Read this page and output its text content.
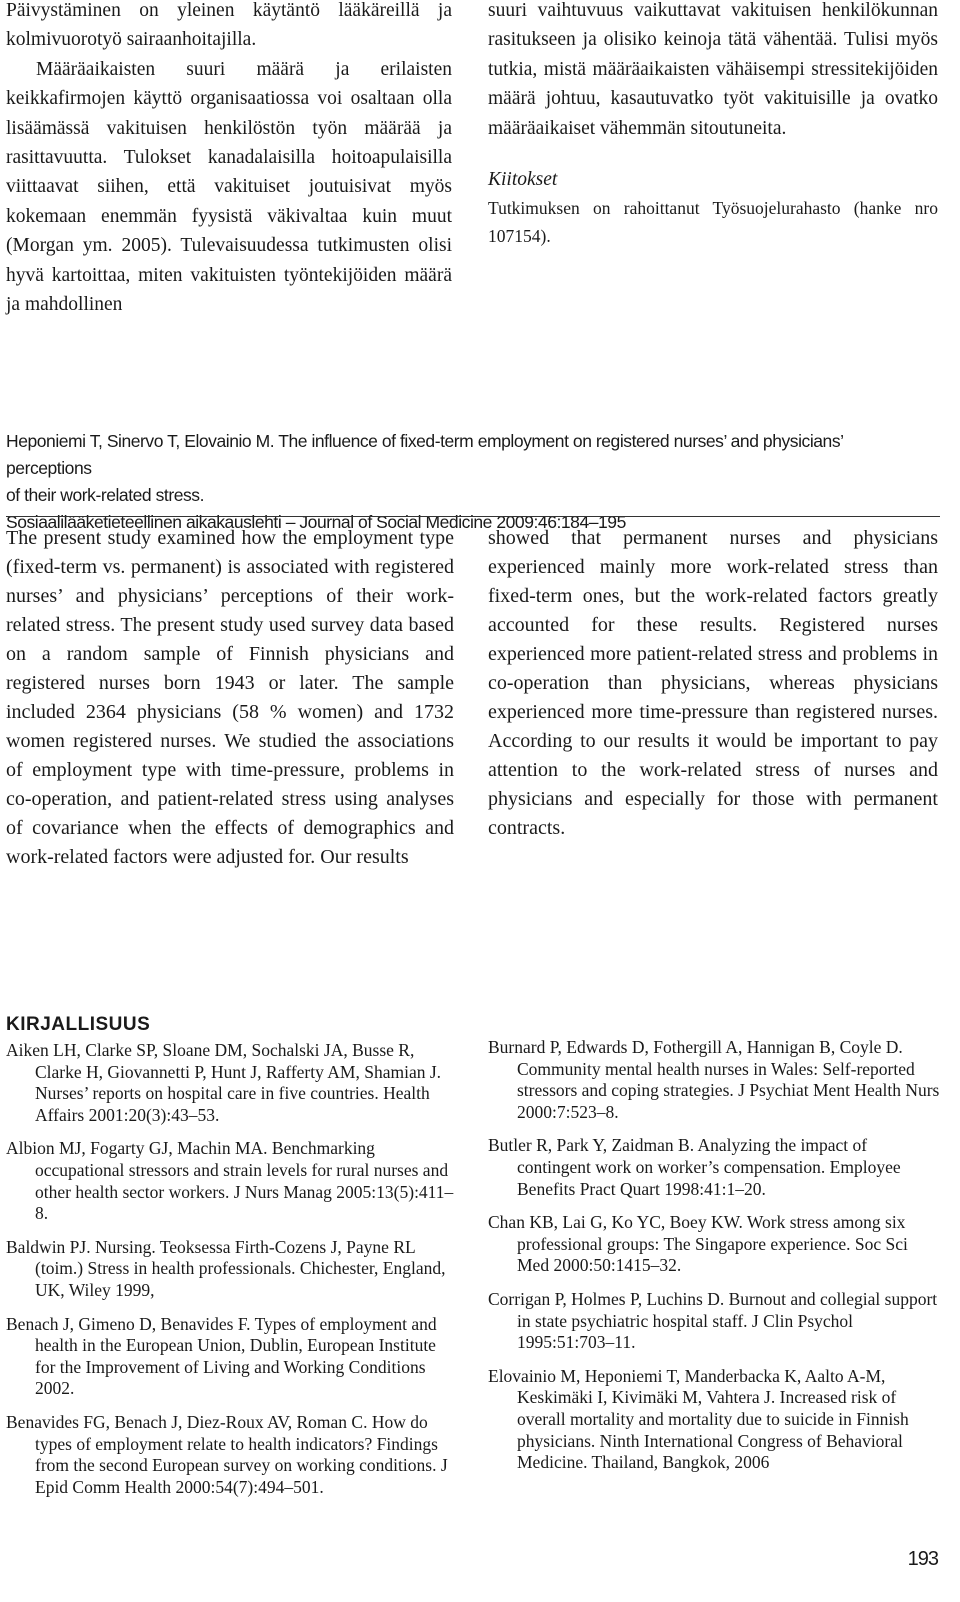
Päivystäminen on yleinen käytäntö lääkäreillä ja kolmivuorotyö sairaanhoitajilla.

Määräaikaisten suuri määrä ja erilaisten keikkafirmojen käyttö organisaatiossa voi osaltaan olla lisäämässä vakituisen henkilöstön työn määrää ja rasittavuutta. Tulokset kanadalaisilla hoitoapulaisilla viittaavat siihen, että vakituiset joutuisivat myös kokemaan enemmän fyysistä väkivaltaa kuin muut (Morgan ym. 2005). Tulevaisuudessa tutkimusten olisi hyvä kartoittaa, miten vakituisten työntekijöiden määrä ja mahdollinen

suuri vaihtuvuus vaikuttavat vakituisen henkilökunnan rasitukseen ja olisiko keinoja tätä vähentää. Tulisi myös tutkia, mistä määräaikaisten vähäisempi stressitekijöiden määrä johtuu, kasautuvatko työt vakituisille ja ovatko määräaikaiset vähemmän sitoutuneita.

Kiitokset

Tutkimuksen on rahoittanut Työsuojelurahasto (hanke nro 107154).

Heponiemi T, Sinervo T, Elovainio M. The influence of fixed-term employment on registered nurses’ and physicians’ perceptions
of their work-related stress.
Sosiaalilääketieteellinen aikakauslehti – Journal of Social Medicine 2009:46:184–195

The present study examined how the employment type (fixed-term vs. permanent) is associated with registered nurses’ and physicians’ perceptions of their work-related stress. The present study used survey data based on a random sample of Finnish physicians and registered nurses born 1943 or later. The sample included 2364 physicians (58 % women) and 1732 women registered nurses. We studied the associations of employment type with time-pressure, problems in co-operation, and patient-related stress using analyses of covariance when the effects of demographics and work-related factors were adjusted for. Our results

showed that permanent nurses and physicians experienced mainly more work-related stress than fixed-term ones, but the work-related factors greatly accounted for these results. Registered nurses experienced more patient-related stress and problems in co-operation than physicians, whereas physicians experienced more time-pressure than registered nurses. According to our results it would be important to pay attention to the work-related stress of nurses and physicians and especially for those with permanent contracts.

KIRJALLISUUS

Aiken LH, Clarke SP, Sloane DM, Sochalski JA, Busse R, Clarke H, Giovannetti P, Hunt J, Rafferty AM, Shamian J. Nurses’ reports on hospital care in five countries. Health Affairs 2001:20(3):43–53.

Albion MJ, Fogarty GJ, Machin MA. Benchmarking occupational stressors and strain levels for rural nurses and other health sector workers. J Nurs Manag 2005:13(5):411–8.

Baldwin PJ. Nursing. Teoksessa Firth-Cozens J, Payne RL (toim.) Stress in health professionals. Chichester, England, UK, Wiley 1999,

Benach J, Gimeno D, Benavides F. Types of employment and health in the European Union, Dublin, European Institute for the Improvement of Living and Working Conditions 2002.

Benavides FG, Benach J, Diez-Roux AV, Roman C. How do types of employment relate to health indicators? Findings from the second European survey on working conditions. J Epid Comm Health 2000:54(7):494–501.

Burnard P, Edwards D, Fothergill A, Hannigan B, Coyle D. Community mental health nurses in Wales: Self-reported stressors and coping strategies. J Psychiat Ment Health Nurs 2000:7:523–8.

Butler R, Park Y, Zaidman B. Analyzing the impact of contingent work on worker’s compensation. Employee Benefits Pract Quart 1998:41:1–20.

Chan KB, Lai G, Ko YC, Boey KW. Work stress among six professional groups: The Singapore experience. Soc Sci Med 2000:50:1415–32.

Corrigan P, Holmes P, Luchins D. Burnout and collegial support in state psychiatric hospital staff. J Clin Psychol 1995:51:703–11.

Elovainio M, Heponiemi T, Manderbacka K, Aalto A-M, Keskimäki I, Kivimäki M, Vahtera J. Increased risk of overall mortality and mortality due to suicide in Finnish physicians. Ninth International Congress of Behavioral Medicine. Thailand, Bangkok, 2006

193
